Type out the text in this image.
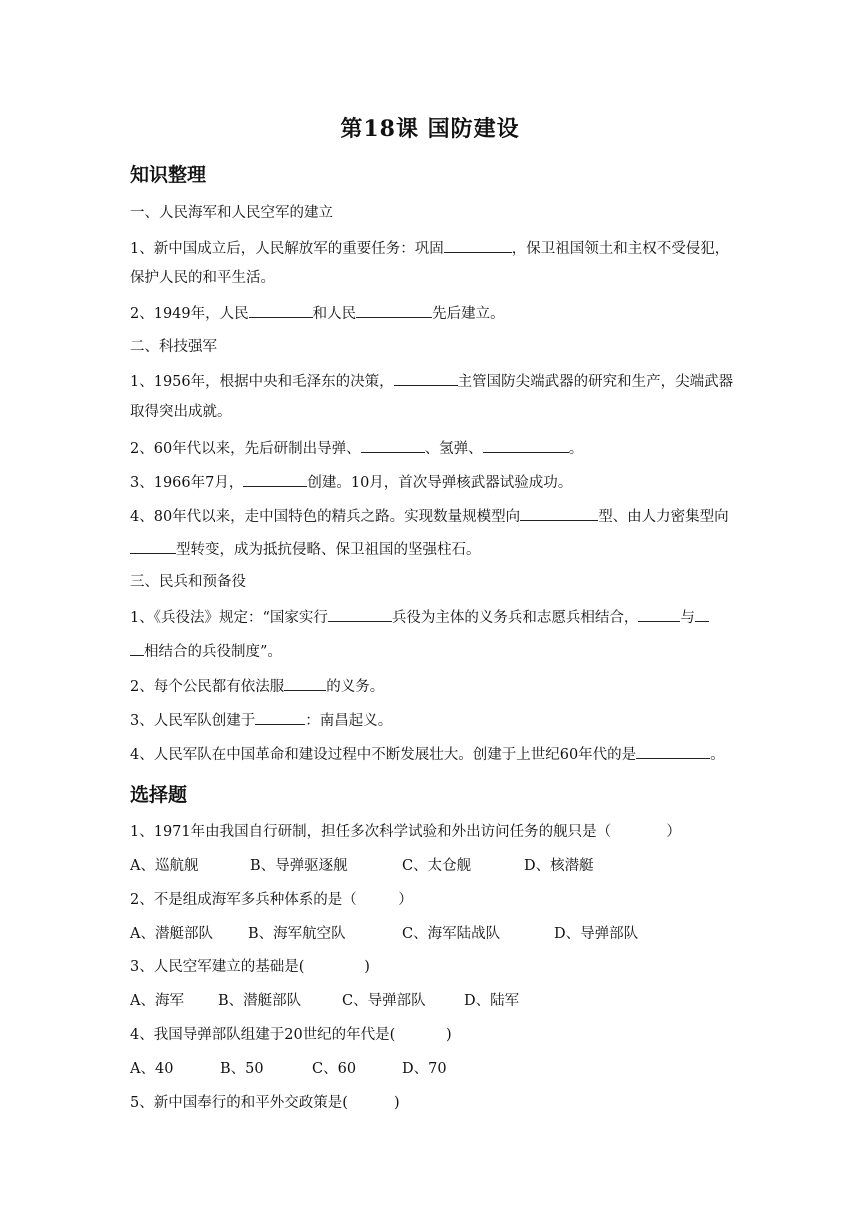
第18课 国防建设
知识整理
一、人民海军和人民空军的建立
1、新中国成立后，人民解放军的重要任务：巩固	，保卫祖国领土和主权不受侵犯，
保护人民的和平生活。
2、1949年，人民	和人民	先后建立。
二、科技强军
1、1956年，根据中央和毛泽东的决策，	主管国防尖端武器的研究和生产，尖端武器
取得突出成就。
2、60年代以来，先后研制出导弹、	、氢弹、	。
3、1966年7月，	创建。10月，首次导弹核武器试验成功。
4、80年代以来，走中国特色的精兵之路。实现数量规模型向	型、由人力密集型向
型转变，成为抵抗侵略、保卫祖国的坚强柱石。
三、民兵和预备役
1、《兵役法》规定：“国家实行	兵役为主体的义务兵和志愿兵相结合，	与
相结合的兵役制度”。
2、每个公民都有依法服	的义务。
3、人民军队创建于	：南昌起义。
4、人民军队在中国革命和建设过程中不断发展壮大。创建于上世纪60年代的是	。
选择题
1、1971年由我国自行研制，担任多次科学试验和外出访问任务的舰只是（            ）
A、巡航舰	B、导弹驱逐舰	C、太仓舰	D、核潜艇
2、不是组成海军多兵种体系的是（         ）
A、潜艇部队 B、海军航空队	C、海军陆战队	D、导弹部队
3、人民空军建立的基础是(             )
A、海军 B、潜艇部队	C、导弹部队	D、陆军
4、我国导弹部队组建于20世纪的年代是(           )
A、40	B、50	C、60	D、70
5、新中国奉行的和平外交政策是(          )
